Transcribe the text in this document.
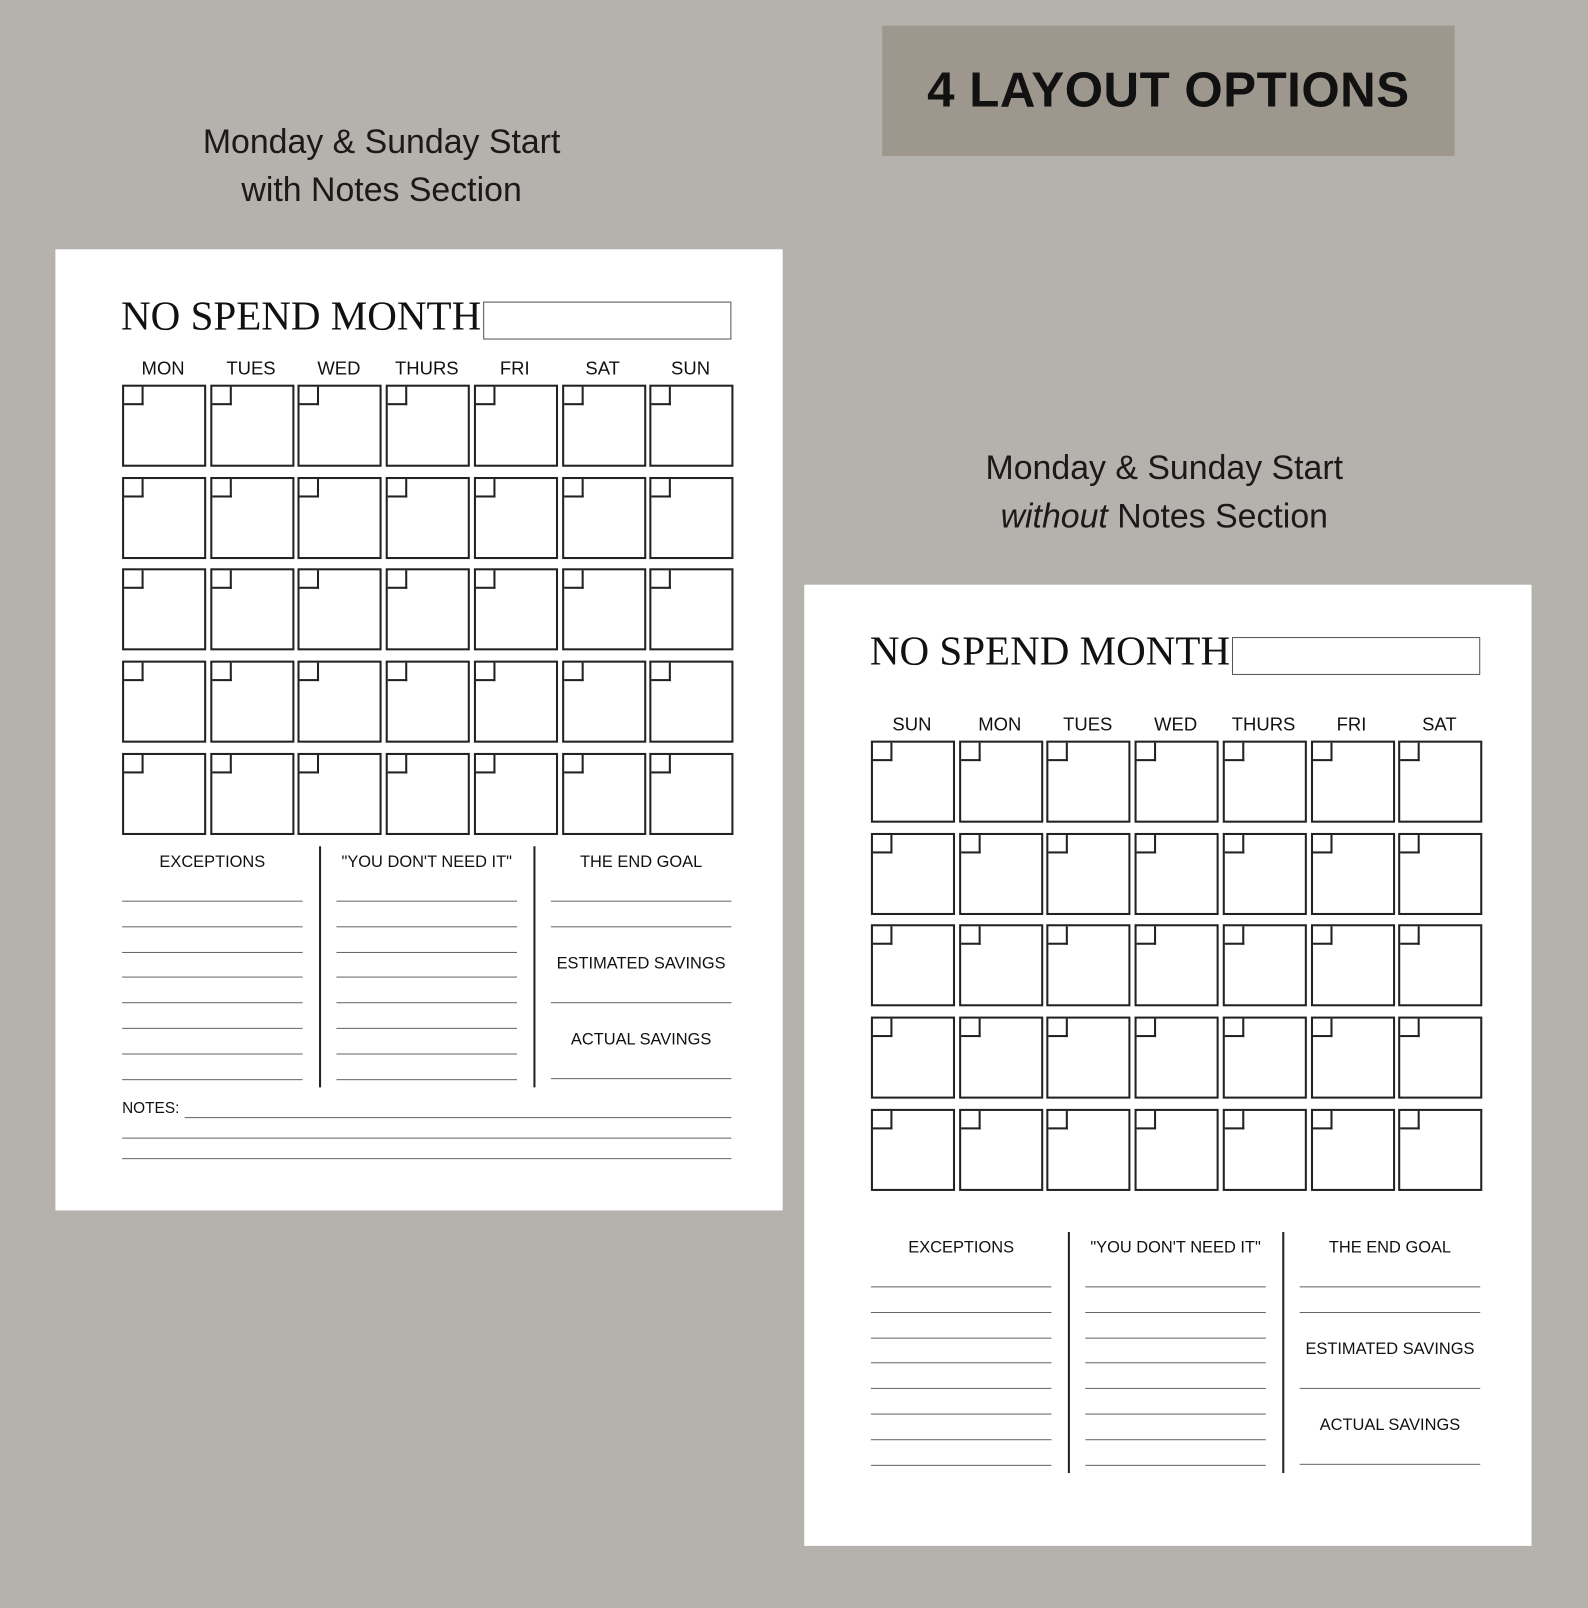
4 LAYOUT OPTIONS
Monday & Sunday Start
with Notes Section
Monday & Sunday Start
without Notes Section
NO SPEND MONTH
MON	TUES	WED	THURS	FRI	SAT	SUN
EXCEPTIONS	"YOU DON'T NEED IT"	THE END GOAL
ESTIMATED SAVINGS
ACTUAL SAVINGS
NOTES:
NO SPEND MONTH
SUN	MON	TUES	WED	THURS	FRI	SAT
EXCEPTIONS	"YOU DON'T NEED IT"	THE END GOAL
ESTIMATED SAVINGS
ACTUAL SAVINGS
